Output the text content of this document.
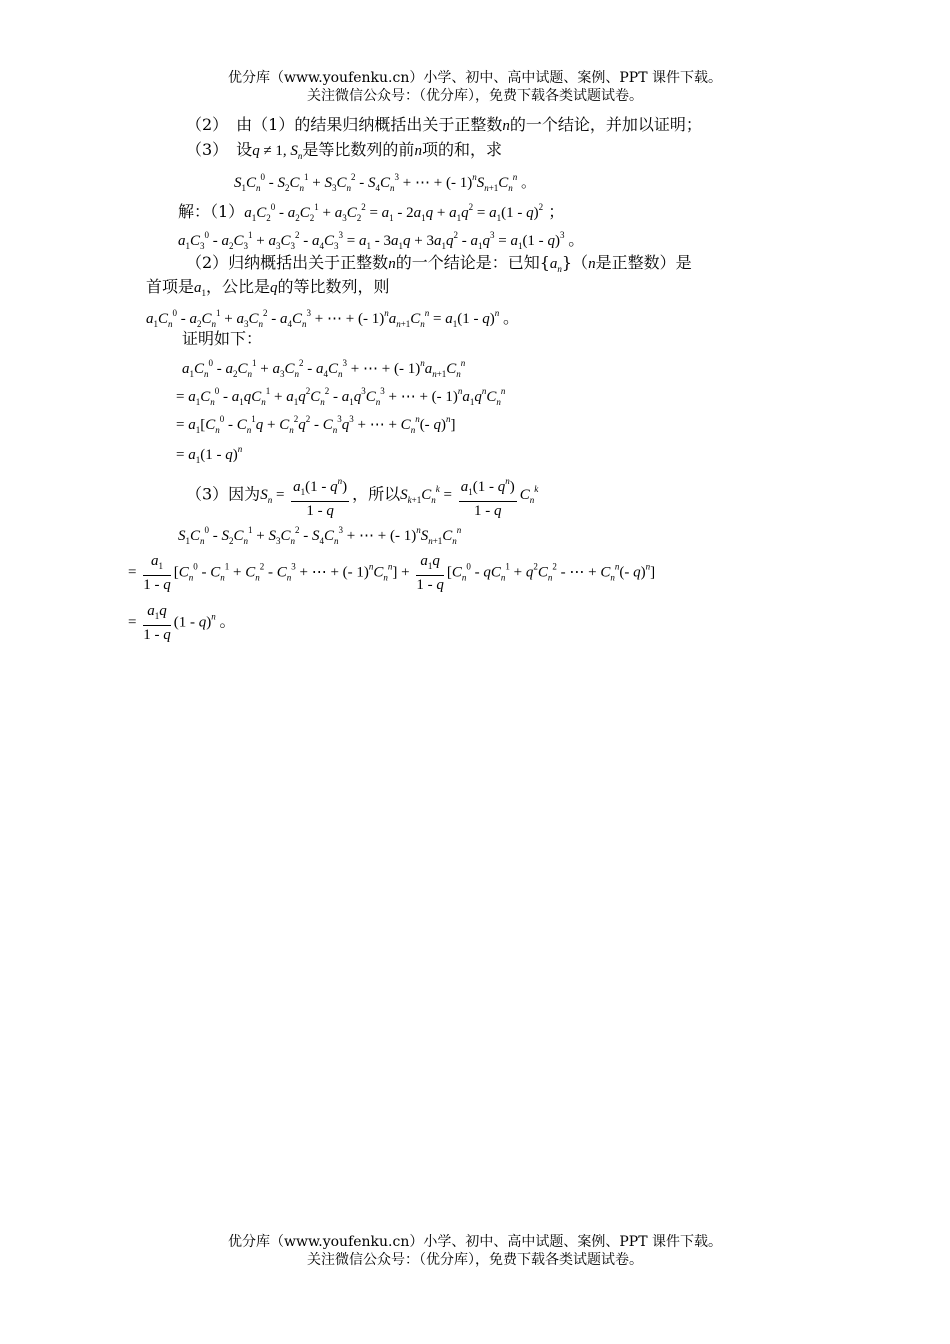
优分库（www.youfenku.cn）小学、初中、高中试题、案例、PPT 课件下载。
关注微信公众号：（优分库），免费下载各类试题试卷。
（2）　由（1）的结果归纳概括出关于正整数n的一个结论，并加以证明；
（3）　设q ≠ 1, $S_n$是等比数列的前n项的和，求
$S_1C_n^0 - S_2C_n^1 + S_3C_n^2 - S_4C_n^3$ + ⋯ + (- $1)^nS_{n+1}C_n^n$ 。
解：$(1)a_1C_2^0 - a_2C_2^1 + a_3C_2^2 = a_1 - 2a_1q + a_1q^2 = a_1(1 - q)^2$ ；
$a_1C_3^0 - a_2C_3^1 + a_3C_3^2 - a_4C_3^3 = a_1 - 3a_1q + 3a_1q^2 - a_1q^3 = a_1(1 - q)^3$ 。
（2）归纳概括出关于正整数n的一个结论是：已知$\{a_n\}(n$是正整数）是
首项是$a_1$，公比是q的等比数列，则
$a_1C_n^0 - a_2C_n^1 + a_3C_n^2 - a_4C_n^3$ + ⋯ + (- $1)^na_{n+1}C_n^n = a_1(1 - q)^n$ 。
证明如下：
$a_1C_n^0 - a_2C_n^1 + a_3C_n^2 - a_4C_n^3$ + ⋯ + (- $1)^na_{n+1}C_n^n$
= $a_1C_n^0 - a_1qC_n^1 + a_1q^2C_n^2 - a_1q^3C_n^3$ + ⋯ + (- $1)^na_1q^nC_n^n$
= $a_1[C_n^0 - C_n^1q + C_n^2q^2 - C_n^3q^3$ + ⋯ + $C_n^n(-$ q)$^n$]
= $a_1(1 - q)^n$
（3）因为$S_n = \frac{a_1(1 - q^n)}{1 - q}$ ，所以$S_{k+1}C_n^k = \frac{a_1(1 - q^n)}{1 - q} C_n^k$
$S_1C_n^0 - S_2C_n^1 + S_3C_n^2 - S_4C_n^3$ + ⋯ + (- $1)^nS_{n+1}C_n^n$
= $\frac{a_1}{1 - q} [C_n^0 - C_n^1 + C_n^2 - C_n^3$ + ⋯ + (- $1)^nC_n^n] + \frac{a_1q}{1 - q} [C_n^0 - qC_n^1 + q^2C_n^2$ - ⋯ + $C_n^n(-$ q)$^n$]
= $\frac{a_1q}{1 - q} (1 - q)^n$ 。
优分库（www.youfenku.cn）小学、初中、高中试题、案例、PPT 课件下载。
关注微信公众号：（优分库），免费下载各类试题试卷。
